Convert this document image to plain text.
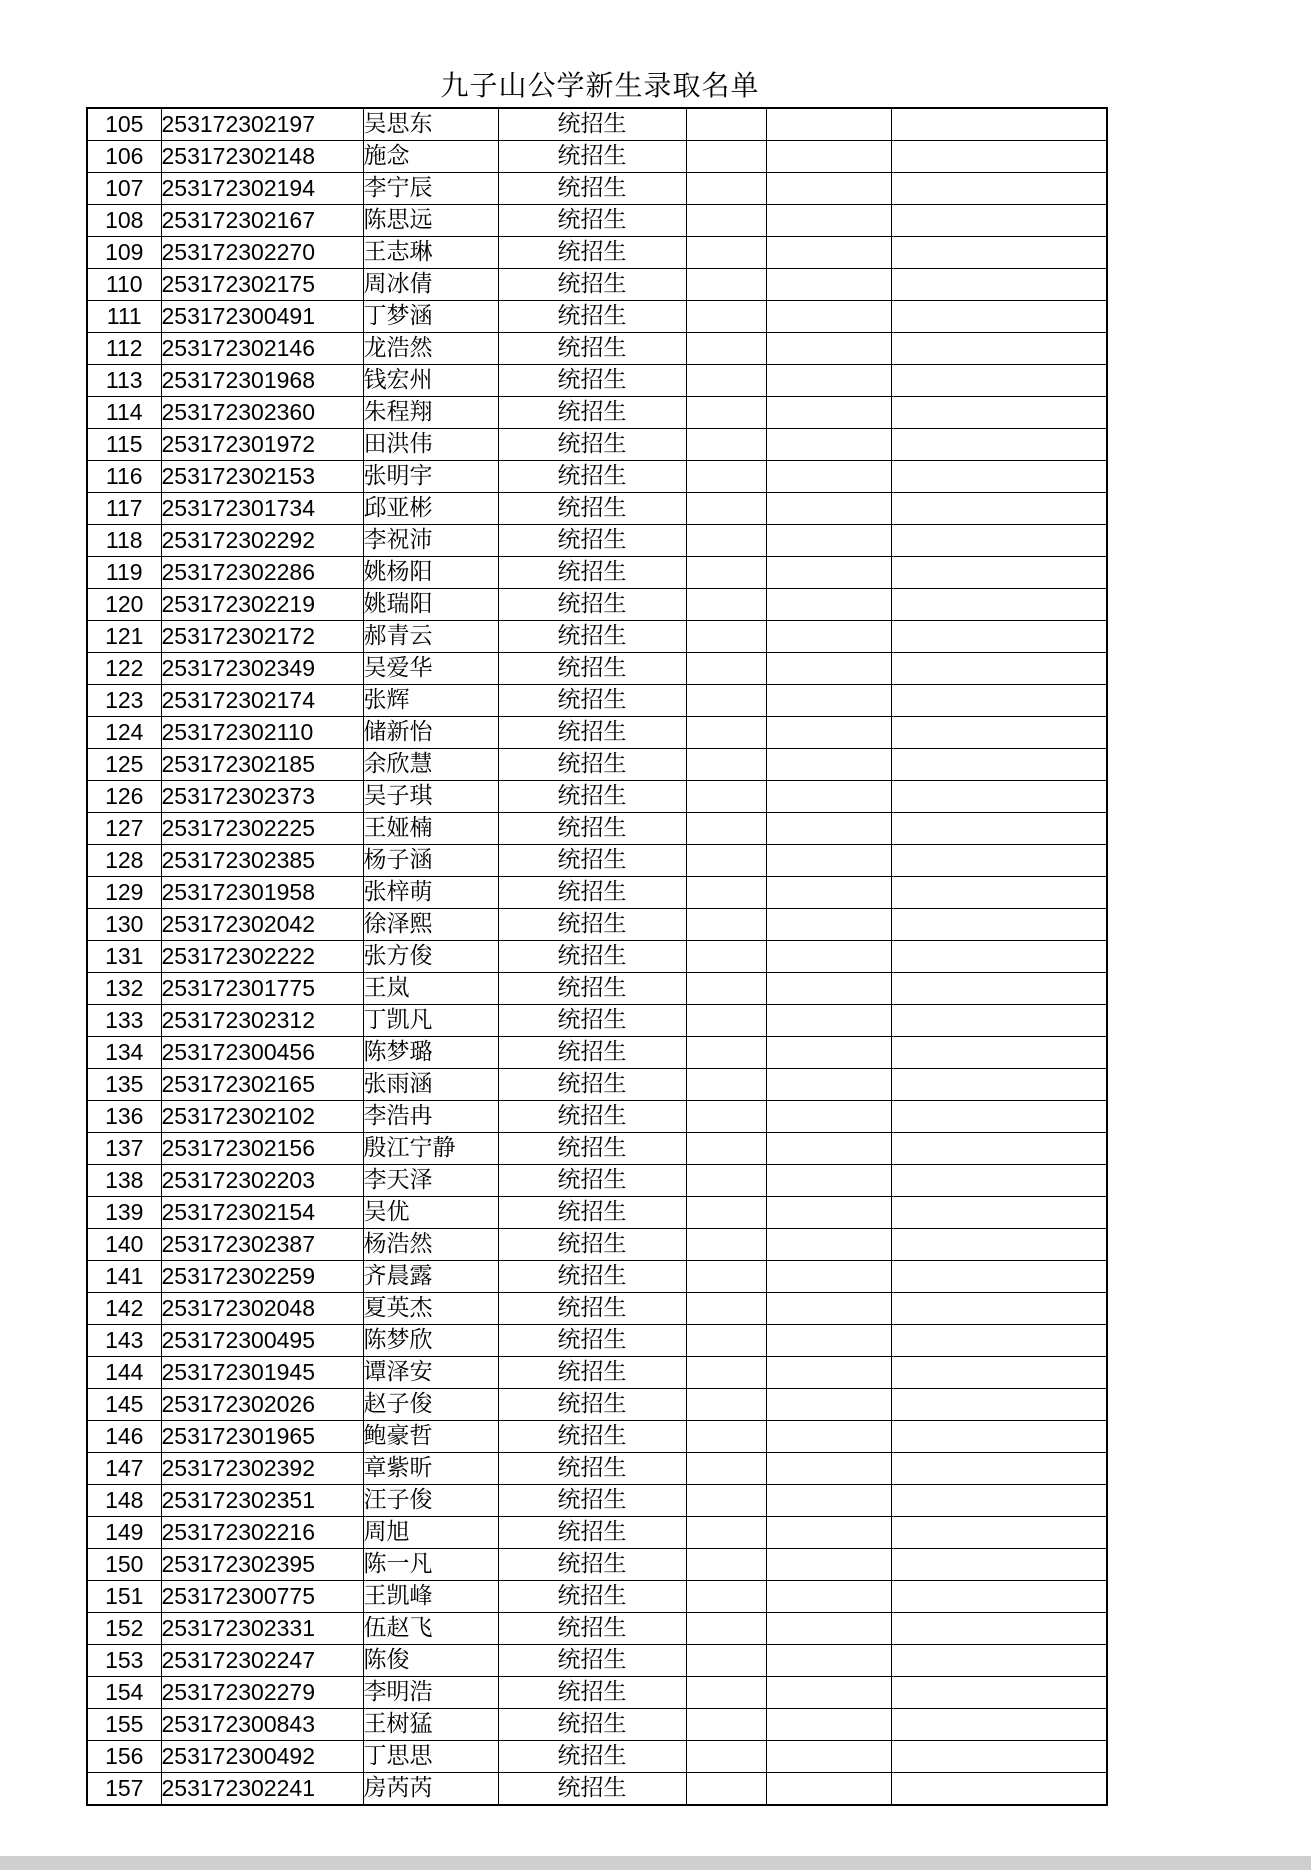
九子山公学新生录取名单
105	253172302197	吴思东	统招生			
106	253172302148	施念	统招生			
107	253172302194	李宁辰	统招生			
108	253172302167	陈思远	统招生			
109	253172302270	王志琳	统招生			
110	253172302175	周冰倩	统招生			
111	253172300491	丁梦涵	统招生			
112	253172302146	龙浩然	统招生			
113	253172301968	钱宏州	统招生			
114	253172302360	朱程翔	统招生			
115	253172301972	田洪伟	统招生			
116	253172302153	张明宇	统招生			
117	253172301734	邱亚彬	统招生			
118	253172302292	李祝沛	统招生			
119	253172302286	姚杨阳	统招生			
120	253172302219	姚瑞阳	统招生			
121	253172302172	郝青云	统招生			
122	253172302349	吴爱华	统招生			
123	253172302174	张辉	统招生			
124	253172302110	储新怡	统招生			
125	253172302185	余欣慧	统招生			
126	253172302373	吴子琪	统招生			
127	253172302225	王娅楠	统招生			
128	253172302385	杨子涵	统招生			
129	253172301958	张梓萌	统招生			
130	253172302042	徐泽熙	统招生			
131	253172302222	张方俊	统招生			
132	253172301775	王岚	统招生			
133	253172302312	丁凯凡	统招生			
134	253172300456	陈梦璐	统招生			
135	253172302165	张雨涵	统招生			
136	253172302102	李浩冉	统招生			
137	253172302156	殷江宁静	统招生			
138	253172302203	李天泽	统招生			
139	253172302154	吴优	统招生			
140	253172302387	杨浩然	统招生			
141	253172302259	齐晨露	统招生			
142	253172302048	夏英杰	统招生			
143	253172300495	陈梦欣	统招生			
144	253172301945	谭泽安	统招生			
145	253172302026	赵子俊	统招生			
146	253172301965	鲍豪哲	统招生			
147	253172302392	章紫昕	统招生			
148	253172302351	汪子俊	统招生			
149	253172302216	周旭	统招生			
150	253172302395	陈一凡	统招生			
151	253172300775	王凯峰	统招生			
152	253172302331	伍赵飞	统招生			
153	253172302247	陈俊	统招生			
154	253172302279	李明浩	统招生			
155	253172300843	王树猛	统招生			
156	253172300492	丁思思	统招生			
157	253172302241	房芮芮	统招生			
